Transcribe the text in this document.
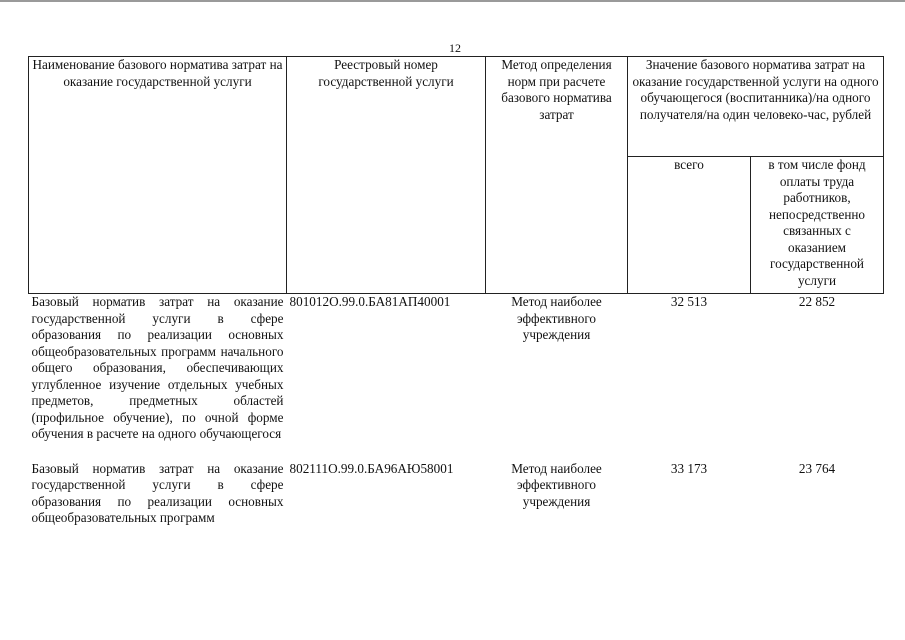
12
Наименование базового норматива затрат на оказание государственной услуги	Реестровый номер государственной услуги	Метод определения норм при расчете базового норматива затрат	Значение базового норматива затрат на оказание государственной услуги на одного обучающегося (воспитанника)/на одного получателя/на один человеко-час, рублей	
			всего	в том числе фонд оплаты труда работников, непосредственно связанных с оказанием государственной услуги
Базовый норматив затрат на оказание государственной услуги в сфере образования по реализации основных общеобразовательных программ начального общего образования, обеспечивающих углубленное изучение отдельных учебных предметов, предметных областей (профильное обучение), по очной форме обучения в расчете на одного обучающегося	801012О.99.0.БА81АП40001	Метод наиболее эффективного учреждения	32 513	22 852
Базовый норматив затрат на оказание государственной услуги в сфере образования по реализации основных общеобразовательных программ	802111О.99.0.БА96АЮ58001	Метод наиболее эффективного учреждения	33 173	23 764
